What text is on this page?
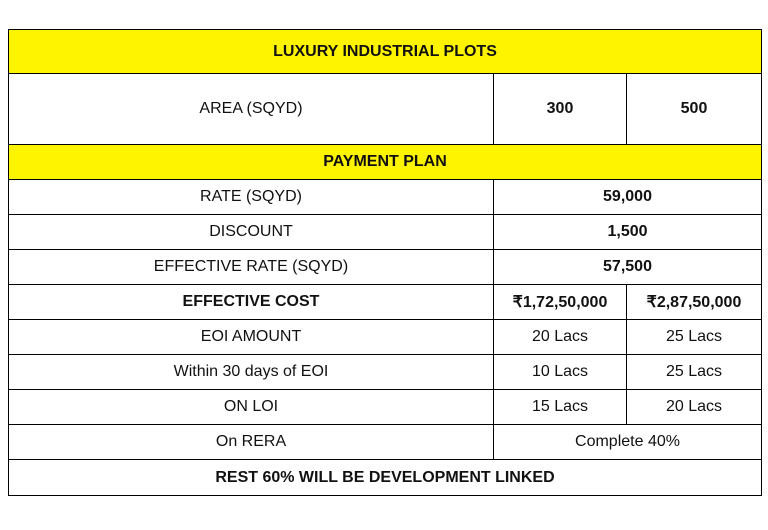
LUXURY INDUSTRIAL PLOTS		
AREA (SQYD)	300	500
PAYMENT PLAN		
RATE (SQYD)	59,000	
DISCOUNT	1,500	
EFFECTIVE RATE (SQYD)	57,500	
EFFECTIVE COST	₹1,72,50,000	₹2,87,50,000
EOI AMOUNT	20 Lacs	25 Lacs
Within 30 days of EOI	10 Lacs	25 Lacs
ON LOI	15 Lacs	20 Lacs
On RERA	Complete 40%	
REST 60% WILL BE DEVELOPMENT LINKED		
